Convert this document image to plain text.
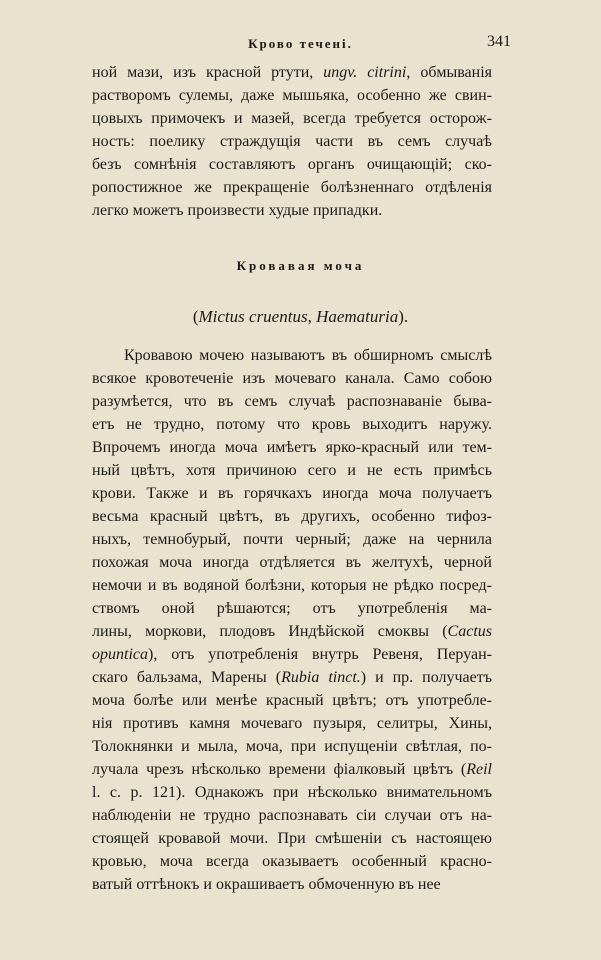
Крово течені.	341
ной мази, изъ красной ртути, ungv. citrini, обмыванія
растворомъ сулемы, даже мышьяка, особенно же свин-
цовыхъ примочекъ и мазей, всегда требуется осторож-
ность: поелику страждущія части въ семъ случаѣ
безъ сомнѣнія составляютъ органъ очищающій; ско-
ропостижное же прекращеніе болѣзненнаго отдѣленія
легко можетъ произвести худые припадки.
Кровавая моча
(Mictus cruentus, Haematuria).
Кровавою мочею называютъ въ обширномъ смыслѣ
всякое кровотеченіе изъ мочеваго канала. Само собою
разумѣется, что въ семъ случаѣ распознаваніе быва-
етъ не трудно, потому что кровь выходитъ наружу.
Впрочемъ иногда моча имѣетъ ярко-красный или тем-
ный цвѣтъ, хотя причиною сего и не есть примѣсь
крови. Также и въ горячкахъ иногда моча получаетъ
весьма красный цвѣтъ, въ другихъ, особенно тифоз-
ныхъ, темнобурый, почти черный; даже на чернила
похожая моча иногда отдѣляется въ желтухѣ, черной
немочи и въ водяной болѣзни, которыя не рѣдко посред-
ствомъ оной рѣшаются; отъ употребленія ма-
лины, моркови, плодовъ Индѣйской смоквы (Cactus
opuntica), отъ употребленія внутрь Ревеня, Перуан-
скаго бальзама, Марены (Rubia tinct.) и пр. получаетъ
моча болѣе или менѣе красный цвѣтъ; отъ употребле-
нія противъ камня мочеваго пузыря, селитры, Хины,
Толокнянки и мыла, моча, при испущеніи свѣтлая, по-
лучала чрезъ нѣсколько времени фіалковый цвѣтъ (Reil
l. c. p. 121). Однакожъ при нѣсколько внимательномъ
наблюденіи не трудно распознавать сіи случаи отъ на-
стоящей кровавой мочи. При смѣшеніи съ настоящею
кровью, моча всегда оказываетъ особенный красно-
ватый оттѣнокъ и окрашиваетъ обмоченную въ нее
